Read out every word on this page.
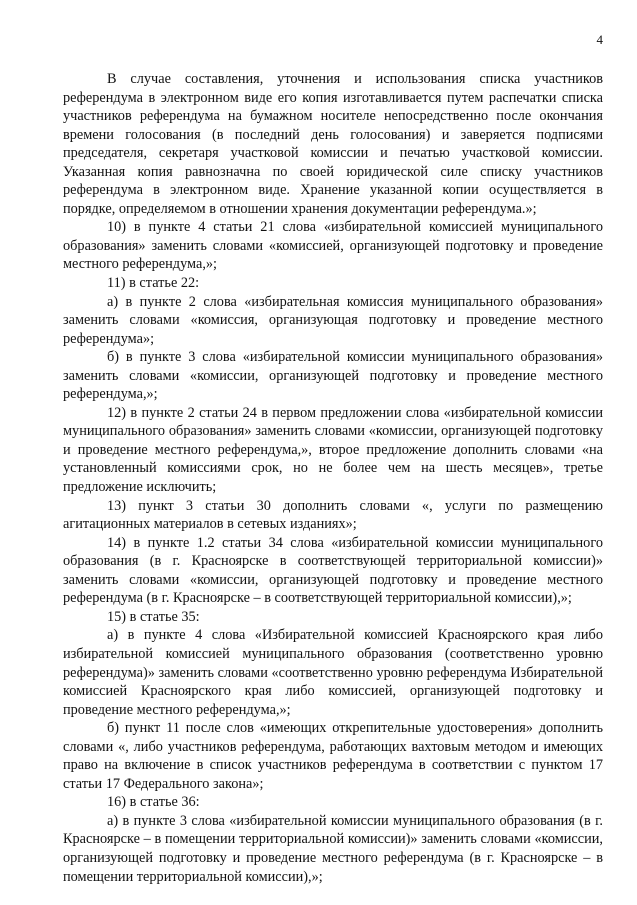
4

В случае составления, уточнения и использования списка участников референдума в электронном виде его копия изготавливается путем распечатки списка участников референдума на бумажном носителе непосредственно после окончания времени голосования (в последний день голосования) и заверяется подписями председателя, секретаря участковой комиссии и печатью участковой комиссии. Указанная копия равнозначна по своей юридической силе списку участников референдума в электронном виде. Хранение указанной копии осуществляется в порядке, определяемом в отношении хранения документации референдума.»;

10) в пункте 4 статьи 21 слова «избирательной комиссией муниципального образования» заменить словами «комиссией, организующей подготовку и проведение местного референдума,»;

11) в статье 22:

а) в пункте 2 слова «избирательная комиссия муниципального образования» заменить словами «комиссия, организующая подготовку и проведение местного референдума»;

б) в пункте 3 слова «избирательной комиссии муниципального образования» заменить словами «комиссии, организующей подготовку и проведение местного референдума,»;

12) в пункте 2 статьи 24 в первом предложении слова «избирательной комиссии муниципального образования» заменить словами «комиссии, организующей подготовку и проведение местного референдума,», второе предложение дополнить словами «на установленный комиссиями срок, но не более чем на шесть месяцев», третье предложение исключить;

13) пункт 3 статьи 30 дополнить словами «, услуги по размещению агитационных материалов в сетевых изданиях»;

14) в пункте 1.2 статьи 34 слова «избирательной комиссии муниципального образования (в г. Красноярске в соответствующей территориальной комиссии)» заменить словами «комиссии, организующей подготовку и проведение местного референдума (в г. Красноярске – в соответствующей территориальной комиссии),»;

15) в статье 35:

а) в пункте 4 слова «Избирательной комиссией Красноярского края либо избирательной комиссией муниципального образования (соответственно уровню референдума)» заменить словами «соответственно уровню референдума Избирательной комиссией Красноярского края либо комиссией, организующей подготовку и проведение местного референдума,»;

б) пункт 11 после слов «имеющих открепительные удостоверения» дополнить словами «, либо участников референдума, работающих вахтовым методом и имеющих право на включение в список участников референдума в соответствии с пунктом 17 статьи 17 Федерального закона»;

16) в статье 36:

а) в пункте 3 слова «избирательной комиссии муниципального образования (в г. Красноярске – в помещении территориальной комиссии)» заменить словами «комиссии, организующей подготовку и проведение местного референдума (в г. Красноярске – в помещении территориальной комиссии),»;
